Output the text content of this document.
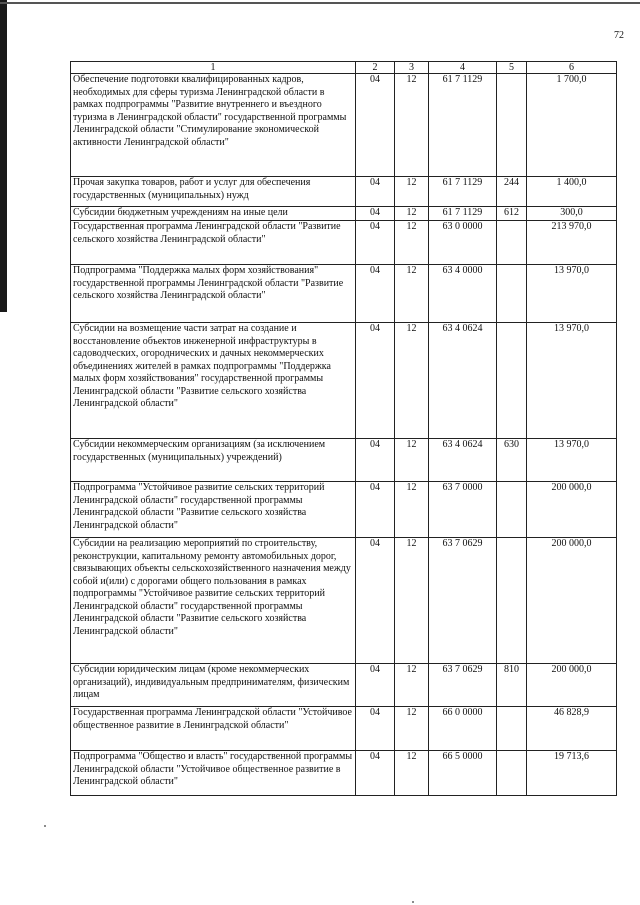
72
1	2	3	4	5	6
Обеспечение подготовки квалифицированных кадров, необходимых для сферы туризма Ленинградской области в рамках подпрограммы "Развитие внутреннего и въездного туризма в Ленинградской области" государственной программы Ленинградской области "Стимулирование экономической активности Ленинградской области"	04	12	61 7 1129		1 700,0
Прочая закупка товаров, работ и услуг для обеспечения государственных (муниципальных) нужд	04	12	61 7 1129	244	1 400,0
Субсидии бюджетным учреждениям на иные цели	04	12	61 7 1129	612	300,0
Государственная программа Ленинградской области "Развитие сельского хозяйства Ленинградской области"	04	12	63 0 0000		213 970,0
Подпрограмма "Поддержка малых форм хозяйствования" государственной программы Ленинградской области "Развитие сельского хозяйства Ленинградской области"	04	12	63 4 0000		13 970,0
Субсидии на возмещение части затрат на создание и восстановление объектов инженерной инфраструктуры в садоводческих, огороднических и дачных некоммерческих объединениях жителей в рамках подпрограммы "Поддержка малых форм хозяйствования" государственной программы Ленинградской области "Развитие сельского хозяйства Ленинградской области"	04	12	63 4 0624		13 970,0
Субсидии некоммерческим организациям (за исключением государственных (муниципальных) учреждений)	04	12	63 4 0624	630	13 970,0
Подпрограмма "Устойчивое развитие сельских территорий Ленинградской области" государственной программы Ленинградской области "Развитие сельского хозяйства Ленинградской области"	04	12	63 7 0000		200 000,0
Субсидии на реализацию мероприятий по строительству, реконструкции, капитальному ремонту автомобильных дорог, связывающих объекты сельскохозяйственного назначения между собой и(или) с дорогами общего пользования в рамках подпрограммы "Устойчивое развитие сельских территорий Ленинградской области" государственной программы Ленинградской области "Развитие сельского хозяйства Ленинградской области"	04	12	63 7 0629		200 000,0
Субсидии юридическим лицам (кроме некоммерческих организаций), индивидуальным предпринимателям, физическим лицам	04	12	63 7 0629	810	200 000,0
Государственная программа Ленинградской области "Устойчивое общественное развитие в Ленинградской области"	04	12	66 0 0000		46 828,9
Подпрограмма "Общество и власть" государственной программы Ленинградской области "Устойчивое общественное развитие в Ленинградской области"	04	12	66 5 0000		19 713,6
